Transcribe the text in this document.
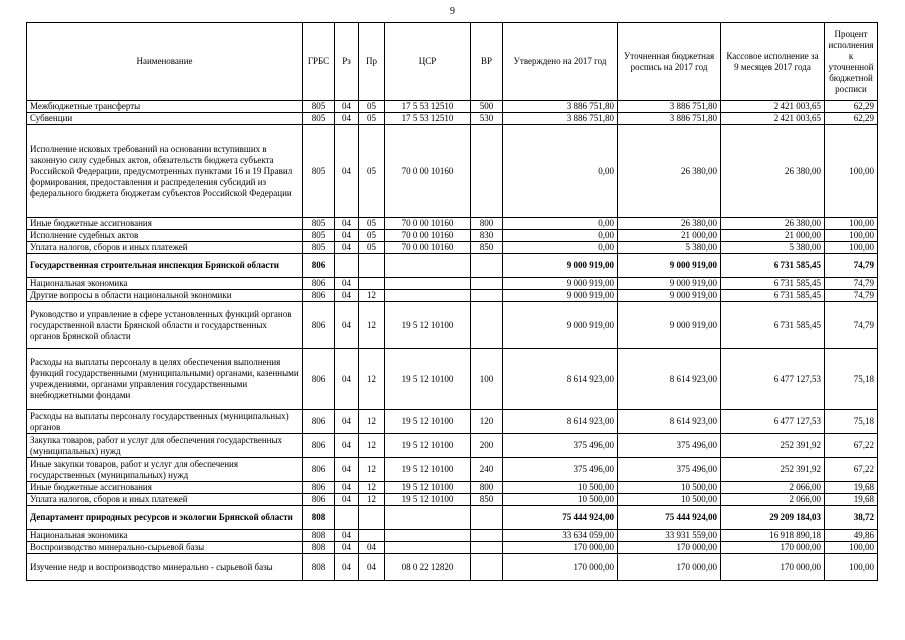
9
Наименование	ГРБС	Рз	Пр	ЦСР	ВР	Утверждено на 2017 год	Уточненная бюджетная роспись на 2017 год	Кассовое исполнение за 9 месяцев 2017 года	Процент исполнения к уточненной бюджетной росписи
Межбюджетные трансферты	805	04	05	17 5 53 12510	500	3 886 751,80	3 886 751,80	2 421 003,65	62,29
Субвенции	805	04	05	17 5 53 12510	530	3 886 751,80	3 886 751,80	2 421 003,65	62,29
Исполнение исковых требований на основании вступивших в законную силу судебных актов, обязательств бюджета субъекта Российской Федерации, предусмотренных пунктами 16 и 19 Правил формирования, предоставления и распределения субсидий из федерального бюджета бюджетам субъектов Российской Федерации	805	04	05	70 0 00 10160		0,00	26 380,00	26 380,00	100,00
Иные бюджетные ассигнования	805	04	05	70 0 00 10160	800	0,00	26 380,00	26 380,00	100,00
Исполнение судебных актов	805	04	05	70 0 00 10160	830	0,00	21 000,00	21 000,00	100,00
Уплата налогов, сборов и иных платежей	805	04	05	70 0 00 10160	850	0,00	5 380,00	5 380,00	100,00
Государственная строительная инспекция Брянской области	806					9 000 919,00	9 000 919,00	6 731 585,45	74,79
Национальная экономика	806	04				9 000 919,00	9 000 919,00	6 731 585,45	74,79
Другие вопросы в области национальной экономики	806	04	12			9 000 919,00	9 000 919,00	6 731 585,45	74,79
Руководство и управление в сфере установленных функций органов государственной власти Брянской области и государственных органов Брянской области	806	04	12	19 5 12 10100		9 000 919,00	9 000 919,00	6 731 585,45	74,79
Расходы на выплаты персоналу в целях обеспечения выполнения функций государственными (муниципальными) органами, казенными учреждениями, органами управления государственными внебюджетными фондами	806	04	12	19 5 12 10100	100	8 614 923,00	8 614 923,00	6 477 127,53	75,18
Расходы на выплаты персоналу государственных (муниципальных) органов	806	04	12	19 5 12 10100	120	8 614 923,00	8 614 923,00	6 477 127,53	75,18
Закупка товаров, работ и услуг для обеспечения государственных (муниципальных) нужд	806	04	12	19 5 12 10100	200	375 496,00	375 496,00	252 391,92	67,22
Иные закупки товаров, работ и услуг для обеспечения государственных (муниципальных) нужд	806	04	12	19 5 12 10100	240	375 496,00	375 496,00	252 391,92	67,22
Иные бюджетные ассигнования	806	04	12	19 5 12 10100	800	10 500,00	10 500,00	2 066,00	19,68
Уплата налогов, сборов и иных платежей	806	04	12	19 5 12 10100	850	10 500,00	10 500,00	2 066,00	19,68
Департамент природных ресурсов и экологии Брянской области	808					75 444 924,00	75 444 924,00	29 209 184,03	38,72
Национальная экономика	808	04				33 634 059,00	33 931 559,00	16 918 890,18	49,86
Воспроизводство минерально-сырьевой базы	808	04	04			170 000,00	170 000,00	170 000,00	100,00
Изучение недр и воспроизводство минерально - сырьевой базы	808	04	04	08 0 22 12820		170 000,00	170 000,00	170 000,00	100,00
